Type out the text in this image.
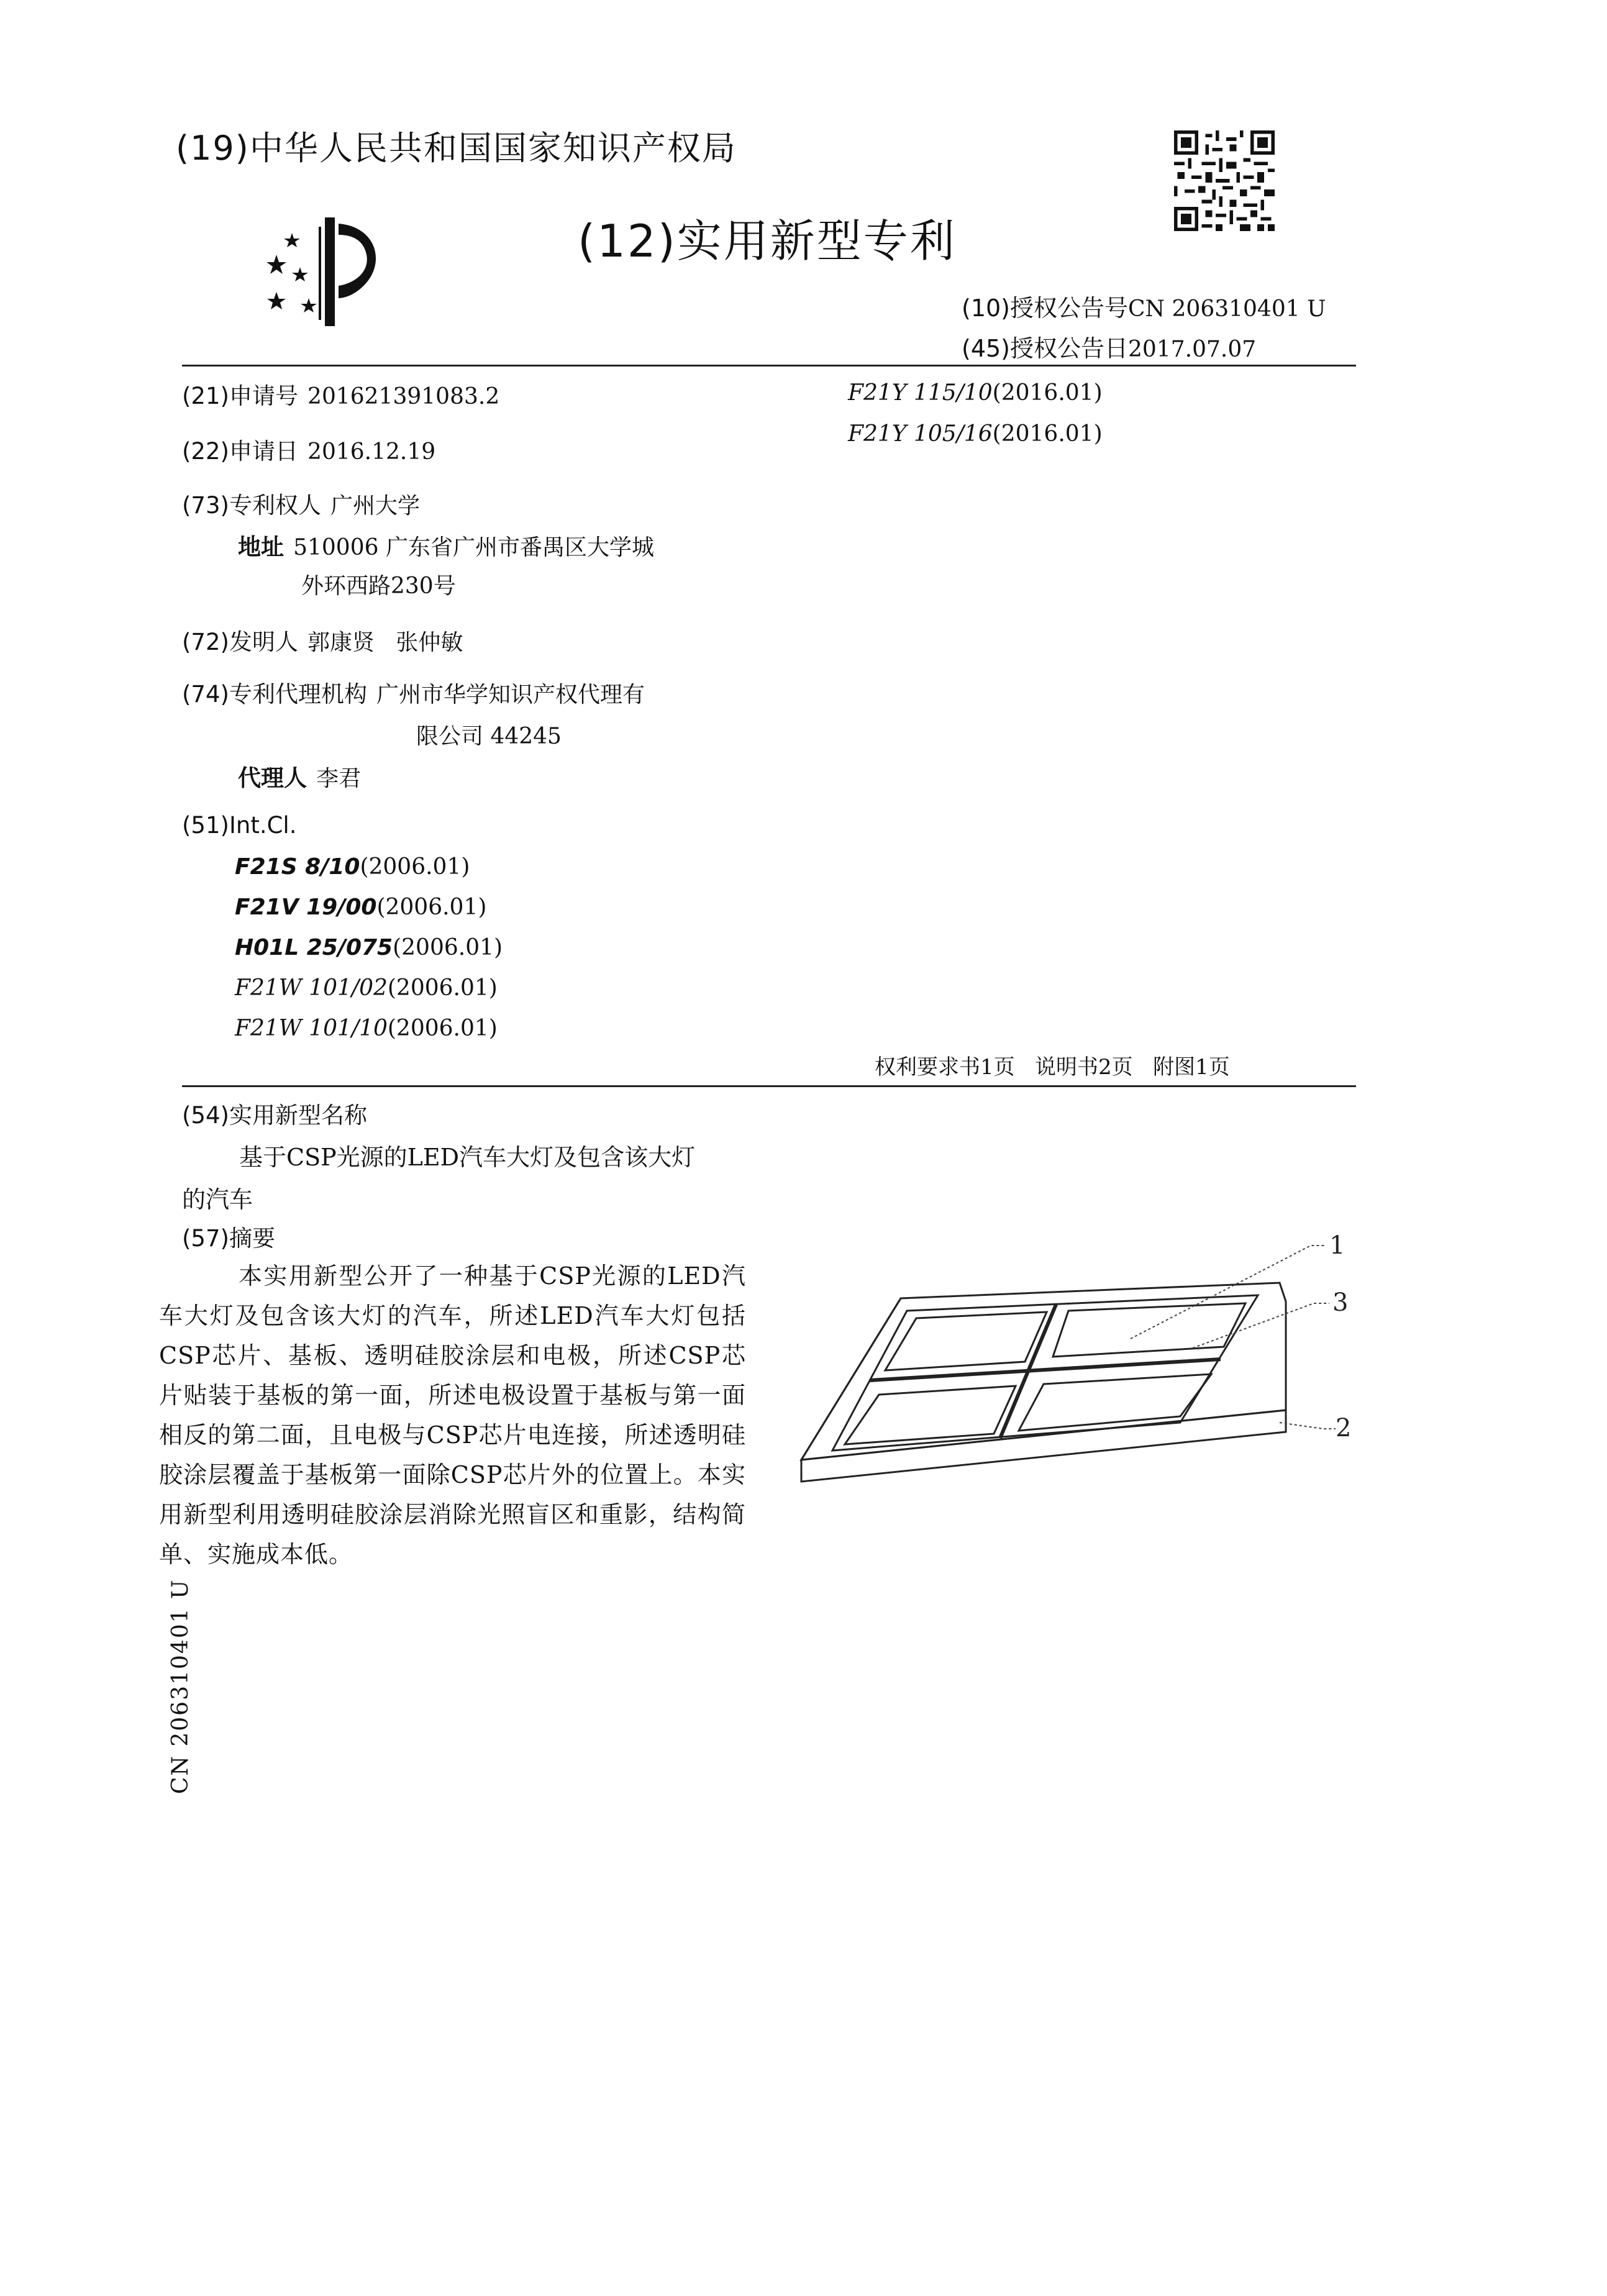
(19)中华人民共和国国家知识产权局
(12)实用新型专利
(10)授权公告号CN 206310401 U
(45)授权公告日2017.07.07
(21)申请号 201621391083.2
(22)申请日 2016.12.19
(73)专利权人 广州大学
地址 510006 广东省广州市番禺区大学城
外环西路230号
(72)发明人 郭康贤   张仲敏
(74)专利代理机构 广州市华学知识产权代理有
限公司 44245
代理人 李君
(51)Int.Cl.
F21S 8/10(2006.01)
F21V 19/00(2006.01)
H01L 25/075(2006.01)
F21W 101/02(2006.01)
F21W 101/10(2006.01)
F21Y 115/10(2016.01)
F21Y 105/16(2016.01)
权利要求书1页   说明书2页   附图1页
(54)实用新型名称
基于CSP光源的LED汽车大灯及包含该大灯
的汽车
(57)摘要
本实用新型公开了一种基于CSP光源的LED汽车大灯及包含该大灯的汽车，所述LED汽车大灯包括CSP芯片、基板、透明硅胶涂层和电极，所述CSP芯片贴装于基板的第一面，所述电极设置于基板与第一面相反的第二面，且电极与CSP芯片电连接，所述透明硅胶涂层覆盖于基板第一面除CSP芯片外的位置上。本实用新型利用透明硅胶涂层消除光照盲区和重影，结构简单、实施成本低。
1
3
2
CN 206310401 U
